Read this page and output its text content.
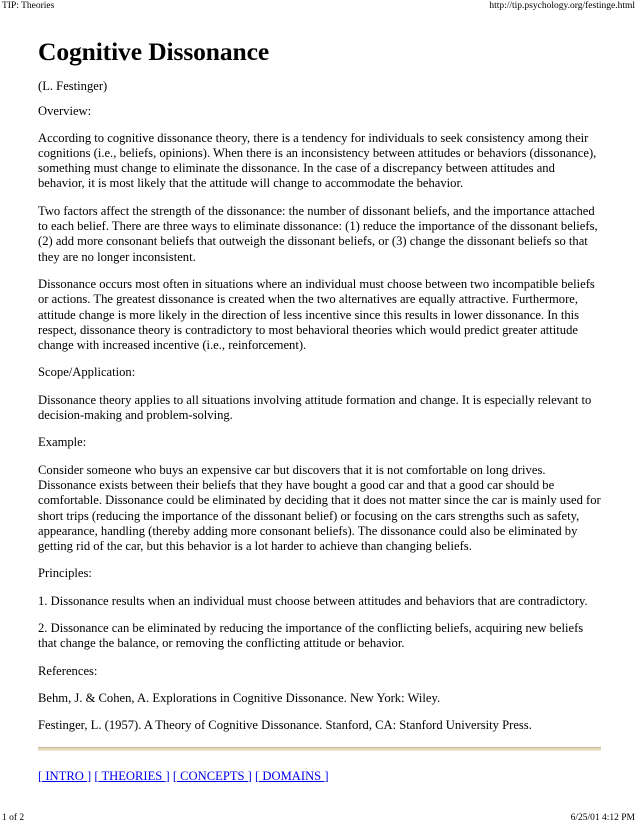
TIP: Theories	http://tip.psychology.org/festinge.html
Cognitive Dissonance

(L. Festinger)

Overview:

According to cognitive dissonance theory, there is a tendency for individuals to seek consistency among their cognitions (i.e., beliefs, opinions). When there is an inconsistency between attitudes or behaviors (dissonance), something must change to eliminate the dissonance. In the case of a discrepancy between attitudes and behavior, it is most likely that the attitude will change to accommodate the behavior.

Two factors affect the strength of the dissonance: the number of dissonant beliefs, and the importance attached to each belief. There are three ways to eliminate dissonance: (1) reduce the importance of the dissonant beliefs, (2) add more consonant beliefs that outweigh the dissonant beliefs, or (3) change the dissonant beliefs so that they are no longer inconsistent.

Dissonance occurs most often in situations where an individual must choose between two incompatible beliefs or actions. The greatest dissonance is created when the two alternatives are equally attractive. Furthermore, attitude change is more likely in the direction of less incentive since this results in lower dissonance. In this respect, dissonance theory is contradictory to most behavioral theories which would predict greater attitude change with increased incentive (i.e., reinforcement).

Scope/Application:

Dissonance theory applies to all situations involving attitude formation and change. It is especially relevant to decision-making and problem-solving.

Example:

Consider someone who buys an expensive car but discovers that it is not comfortable on long drives. Dissonance exists between their beliefs that they have bought a good car and that a good car should be comfortable. Dissonance could be eliminated by deciding that it does not matter since the car is mainly used for short trips (reducing the importance of the dissonant belief) or focusing on the cars strengths such as safety, appearance, handling (thereby adding more consonant beliefs). The dissonance could also be eliminated by getting rid of the car, but this behavior is a lot harder to achieve than changing beliefs.

Principles:

1. Dissonance results when an individual must choose between attitudes and behaviors that are contradictory.

2. Dissonance can be eliminated by reducing the importance of the conflicting beliefs, acquiring new beliefs that change the balance, or removing the conflicting attitude or behavior.

References:

Behm, J. & Cohen, A. Explorations in Cognitive Dissonance. New York: Wiley.

Festinger, L. (1957). A Theory of Cognitive Dissonance. Stanford, CA: Stanford University Press.

[ INTRO ] [ THEORIES ] [ CONCEPTS ] [ DOMAINS ]
1 of 2	6/25/01 4:12 PM
